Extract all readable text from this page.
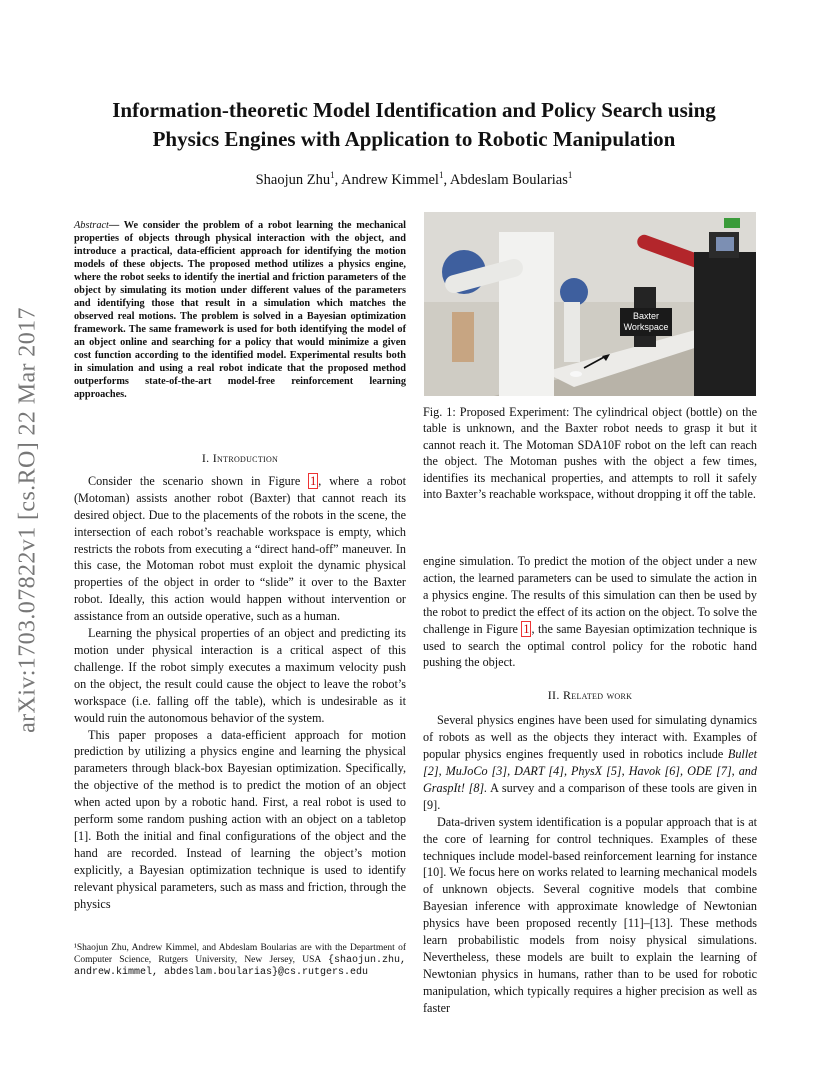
arXiv:1703.07822v1 [cs.RO] 22 Mar 2017
Information-theoretic Model Identification and Policy Search using
Physics Engines with Application to Robotic Manipulation
Shaojun Zhu$^1$, Andrew Kimmel$^1$, Abdeslam Boularias$^1$
Abstract— We consider the problem of a robot learning the mechanical properties of objects through physical interaction with the object, and introduce a practical, data-efficient approach for identifying the motion models of these objects. The proposed method utilizes a physics engine, where the robot seeks to identify the inertial and friction parameters of the object by simulating its motion under different values of the parameters and identifying those that result in a simulation which matches the observed real motions. The problem is solved in a Bayesian optimization framework. The same framework is used for both identifying the model of an object online and searching for a policy that would minimize a given cost function according to the identified model. Experimental results both in simulation and using a real robot indicate that the proposed method outperforms state-of-the-art model-free reinforcement learning approaches.

I. Introduction

Consider the scenario shown in Figure 1 , where a robot (Motoman) assists another robot (Baxter) that cannot reach its desired object. Due to the placements of the robots in the scene, the intersection of each robot’s reachable workspace is empty, which restricts the robots from executing a “direct hand-off” maneuver. In this case, the Motoman robot must exploit the dynamic physical properties of the object in order to “slide” it over to the Baxter robot. Ideally, this action would happen without intervention or assistance from an outside operative, such as a human.

Learning the physical properties of an object and predicting its motion under physical interaction is a critical aspect of this challenge. If the robot simply executes a maximum velocity push on the object, the result could cause the object to leave the robot’s workspace (i.e. falling off the table), which is undesirable as it would ruin the autonomous behavior of the system.

This paper proposes a data-efficient approach for motion prediction by utilizing a physics engine and learning the physical parameters through black-box Bayesian optimization. Specifically, the objective of the method is to predict the motion of an object when acted upon by a robotic hand. First, a real robot is used to perform some random pushing action with an object on a tabletop [1]. Both the initial and final configurations of the object and the hand are recorded. Instead of learning the object’s motion explicitly, a Bayesian optimization technique is used to identify relevant physical parameters, such as mass and friction, through the physics

¹Shaojun Zhu, Andrew Kimmel, and Abdeslam Boularias are with the Department of Computer Science, Rutgers University, New Jersey, USA {shaojun.zhu, andrew.kimmel, abdeslam.boularias}@cs.rutgers.edu
Baxter Workspace
Fig. 1: Proposed Experiment: The cylindrical object (bottle) on the table is unknown, and the Baxter robot needs to grasp it but it cannot reach it. The Motoman SDA10F robot on the left can reach the object. The Motoman pushes with the object a few times, identifies its mechanical properties, and attempts to roll it safely into Baxter’s reachable workspace, without dropping it off the table.

engine simulation. To predict the motion of the object under a new action, the learned parameters can be used to simulate the action in a physics engine. The results of this simulation can then be used by the robot to predict the effect of its action on the object. To solve the challenge in Figure 1 , the same Bayesian optimization technique is used to search the optimal control policy for the robotic hand pushing the object.

II. Related work

Several physics engines have been used for simulating dynamics of robots as well as the objects they interact with. Examples of popular physics engines frequently used in robotics include Bullet [2], MuJoCo [3], DART [4], PhysX [5], Havok [6], ODE [7], and GraspIt! [8]. A survey and a comparison of these tools are given in [9].

Data-driven system identification is a popular approach that is at the core of learning for control techniques. Examples of these techniques include model-based reinforcement learning for instance [10]. We focus here on works related to learning mechanical models of unknown objects. Several cognitive models that combine Bayesian inference with approximate knowledge of Newtonian physics have been proposed recently [11]–[13]. These methods learn probabilistic models from noisy physical simulations. Nevertheless, these models are built to explain the learning of Newtonian physics in humans, rather than to be used for robotic manipulation, which typically requires a higher precision as well as faster
